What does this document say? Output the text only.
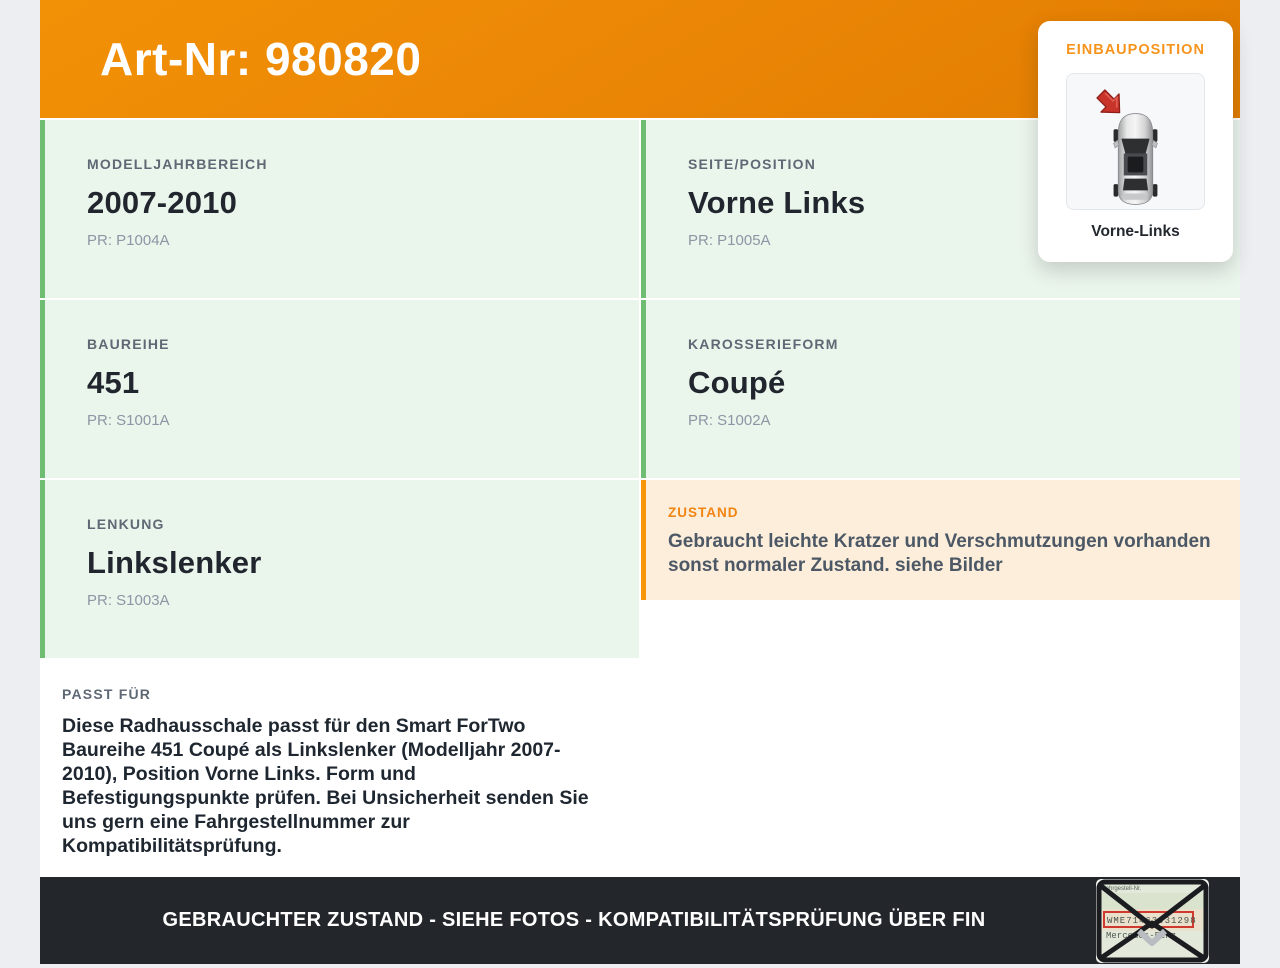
Art-Nr: 980820

MODELLJAHRBEREICH

2007-2010

PR: P1004A

BAUREIHE

451

PR: S1001A

LENKUNG

Linkslenker

PR: S1003A

PASST FÜR

Diese Radhausschale passt für den Smart ForTwo Baureihe 451 Coupé als Linkslenker (Modelljahr 2007-2010), Position Vorne Links. Form und Befestigungspunkte prüfen. Bei Unsicherheit senden Sie uns gern eine Fahrgestellnummer zur Kompatibilitätsprüfung.

SEITE/POSITION

Vorne Links

PR: P1005A

KAROSSERIEFORM

Coupé

PR: S1002A

ZUSTAND

Gebraucht leichte Kratzer und Verschmutzungen vorhanden sonst normaler Zustand. siehe Bilder

GEBRAUCHTER ZUSTAND - SIEHE FOTOS - KOMPATIBILITÄTSPRÜFUNG ÜBER FIN
Fahrgestell-Nr.
WME71463J31298 7
Mercedes-Benz

EINBAUPOSITION

Vorne-Links
